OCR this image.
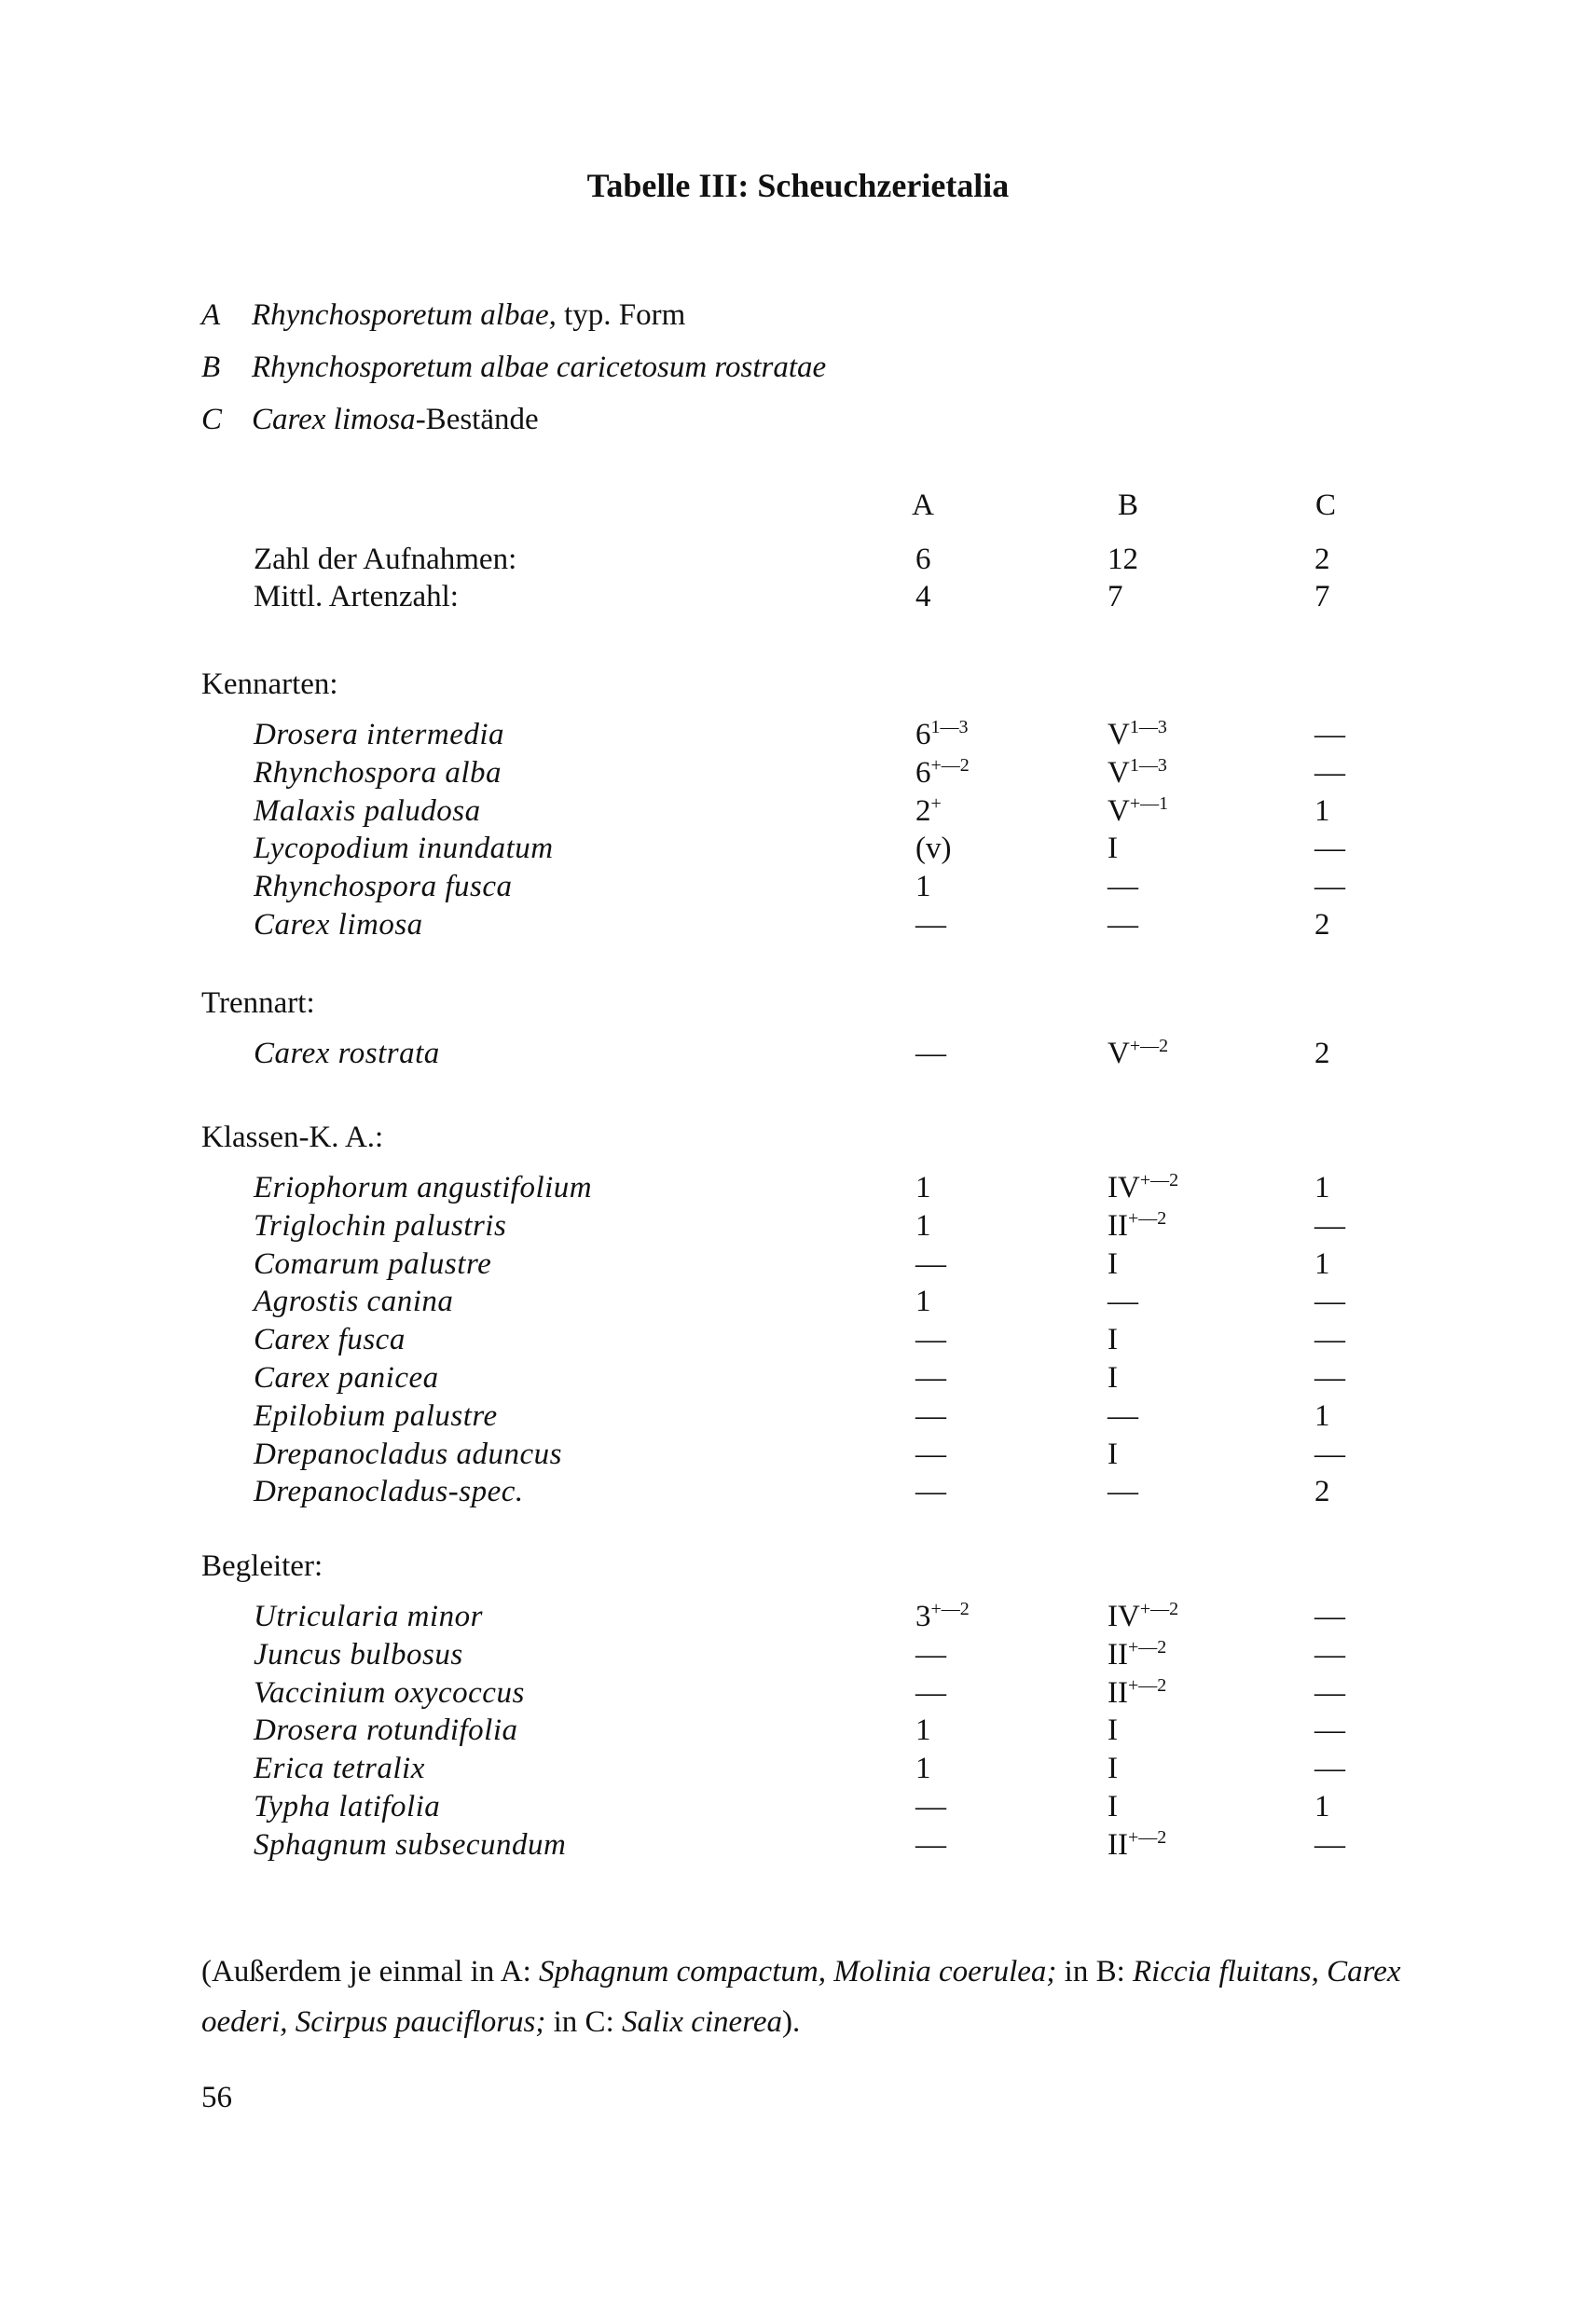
Tabelle III: Scheuchzerietalia
A Rhynchosporetum albae, typ. Form
B Rhynchosporetum albae caricetosum rostratae
C Carex limosa-Bestände
A	B	C
Zahl der Aufnahmen:	6	12	2
Mittl. Artenzahl:	4	7	7
Kennarten:
Drosera intermedia	$6^{1—3}$	$V^{1—3}$	—
Rhynchospora alba	$6^{+—2}$	$V^{1—3}$	—
Malaxis paludosa	2+	$V^{+—1}$	1
Lycopodium inundatum	(v)	I	—
Rhynchospora fusca	1	—	—
Carex limosa	—	—	2
Trennart:
Carex rostrata	—	$V^{+—2}$	2
Klassen-K. A.:
Eriophorum angustifolium	1	$IV^{+—2}$	1
Triglochin palustris	1	$II^{+—2}$	—
Comarum palustre	—	I	1
Agrostis canina	1	—	—
Carex fusca	—	I	—
Carex panicea	—	I	—
Epilobium palustre	—	—	1
Drepanocladus aduncus	—	I	—
Drepanocladus-spec.	—	—	2
Begleiter:
Utricularia minor	$3^{+—2}$	$IV^{+—2}$	—
Juncus bulbosus	—	$II^{+—2}$	—
Vaccinium oxycoccus	—	$II^{+—2}$	—
Drosera rotundifolia	1	I	—
Erica tetralix	1	I	—
Typha latifolia	—	I	1
Sphagnum subsecundum	—	$II^{+—2}$	—
(Außerdem je einmal in A: Sphagnum compactum, Molinia coerulea; in B: Riccia fluitans, Carex oederi, Scirpus pauciflorus; in C: Salix cinerea).
56
